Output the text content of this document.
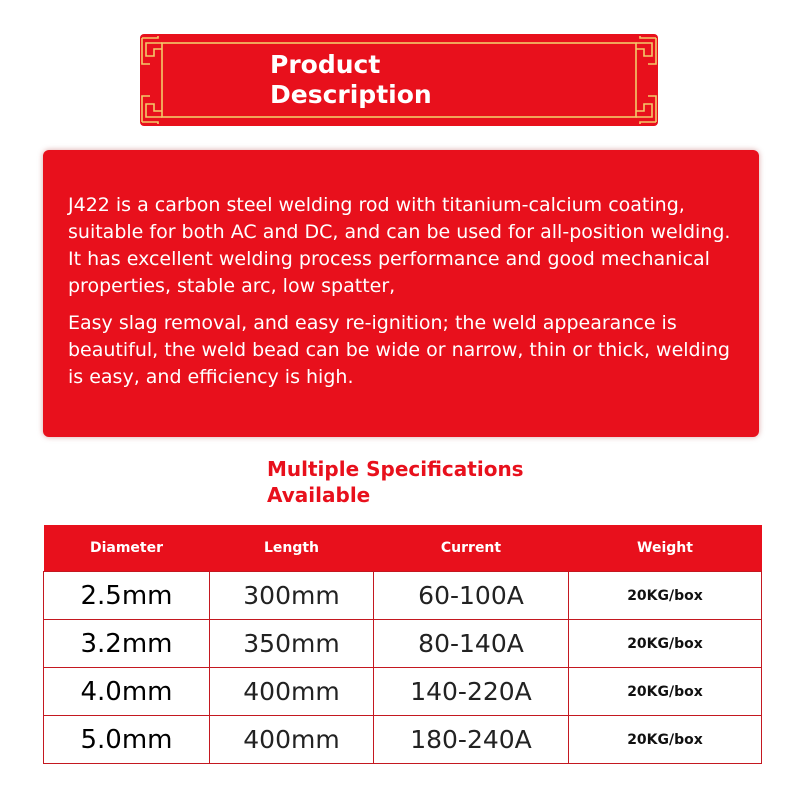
Product
Description

J422 is a carbon steel welding rod with titanium-calcium coating, suitable for both AC and DC, and can be used for all-position welding. It has excellent welding process performance and good mechanical properties, stable arc, low spatter,

Easy slag removal, and easy re-ignition; the weld appearance is beautiful, the weld bead can be wide or narrow, thin or thick, welding is easy, and efficiency is high.

Multiple Specifications
Available
Diameter	Length	Current	Weight
2.5mm	300mm	60-100A	20KG/box
3.2mm	350mm	80-140A	20KG/box
4.0mm	400mm	140-220A	20KG/box
5.0mm	400mm	180-240A	20KG/box
